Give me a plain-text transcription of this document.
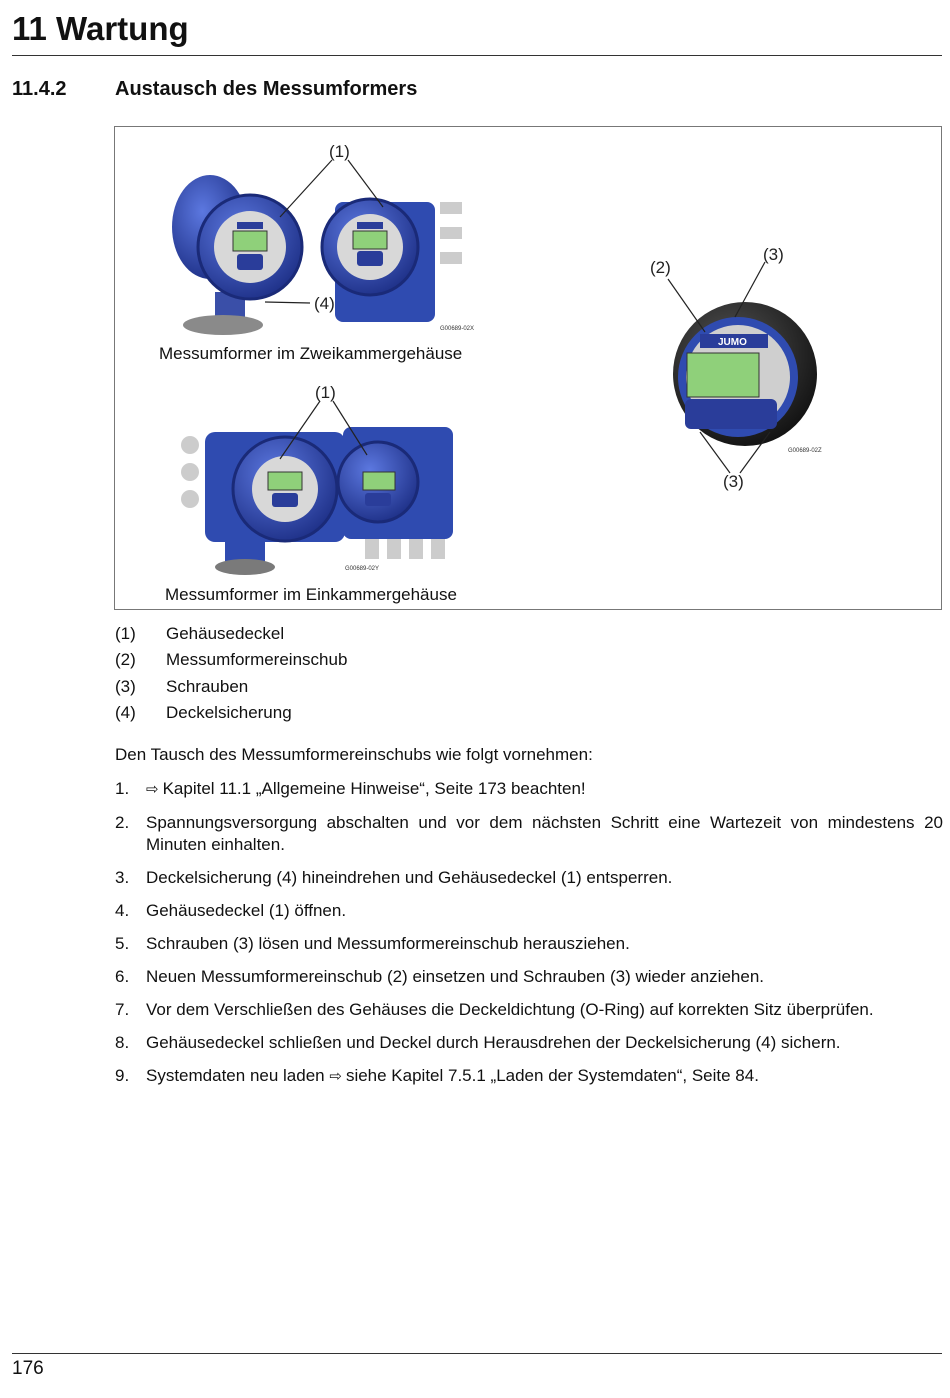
11 Wartung
11.4.2 Austausch des Messumformers
G00689-02X
(1)
(4)
G00689-02Y
(1)
JUMO
G00689-02Z
(2)
(3)
(3)
Messumformer im Zweikammergehäuse
Messumformer im Einkammergehäuse
(1)	Gehäusedeckel
(2)	Messumformereinschub
(3)	Schrauben
(4)	Deckelsicherung
Den Tausch des Messumformereinschubs wie folgt vornehmen:
1.	⇨ Kapitel 11.1 „Allgemeine Hinweise“, Seite 173 beachten!
2. Spannungsversorgung abschalten und vor dem nächsten Schritt eine Wartezeit von mindestens 20 Minuten einhalten.
3. Deckelsicherung (4) hineindrehen und Gehäusedeckel (1) entsperren.
4. Gehäusedeckel (1) öffnen.
5. Schrauben (3) lösen und Messumformereinschub herausziehen.
6. Neuen Messumformereinschub (2) einsetzen und Schrauben (3) wieder anziehen.
7. Vor dem Verschließen des Gehäuses die Deckeldichtung (O-Ring) auf korrekten Sitz überprüfen.
8. Gehäusedeckel schließen und Deckel durch Herausdrehen der Deckelsicherung (4) sichern.
9. Systemdaten neu laden ⇨ siehe Kapitel 7.5.1 „Laden der Systemdaten“, Seite 84.
176
